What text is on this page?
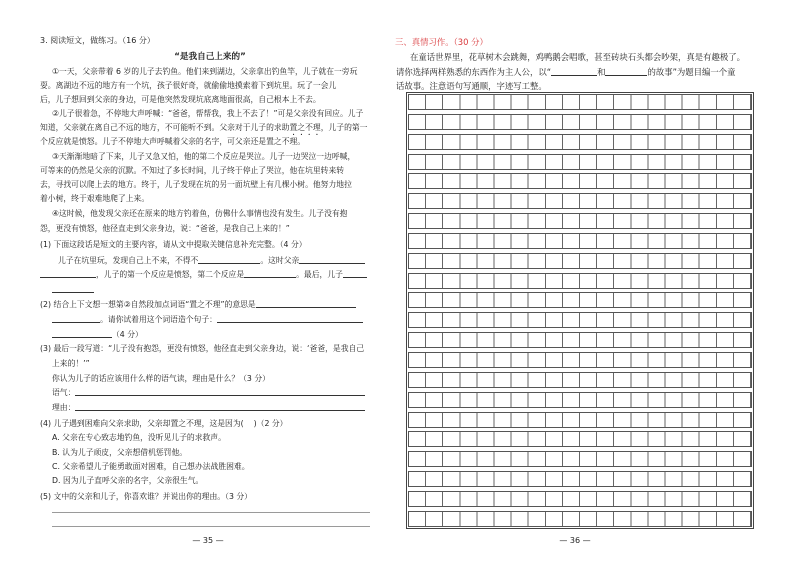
3. 阅读短文，做练习。（16 分）
“是我自己上来的”
①一天，父亲带着 6 岁的儿子去钓鱼。他们来到湖边，父亲拿出钓鱼竿，儿子就在一旁玩
耍。离湖边不远的地方有一个坑，孩子很好奇，就偷偷地摸索着下到坑里。玩了一会儿
后，儿子想回到父亲的身边，可是他突然发现坑底离地面很高，自己根本上不去。
②儿子很着急，不停地大声呼喊：“爸爸，帮帮我，我上不去了！”可是父亲没有回应。儿子
知道，父亲就在离自己不远的地方，不可能听不到。父亲对于儿子的求助置之不理，儿子的第一
个反应就是愤怒。儿子不停地大声呼喊着父亲的名字，可父亲还是置之不理。
③天渐渐地暗了下来，儿子又急又怕，他的第二个反应是哭泣。儿子一边哭泣一边呼喊，
可等来的仍然是父亲的沉默。不知过了多长时间，儿子终于停止了哭泣，他在坑里转来转
去，寻找可以爬上去的地方。终于，儿子发现在坑的另一面坑壁上有几棵小树。他努力地拉
着小树，终于艰难地爬了上来。
④这时候，他发现父亲还在原来的地方钓着鱼，仿佛什么事情也没有发生。儿子没有抱
怨，更没有愤怒，他径直走到父亲身边，说：“爸爸，是我自己上来的！”
(1) 下面这段话是短文的主要内容，请从文中提取关键信息补充完整。（4 分）
儿子在坑里玩，发现自己上不来，不得不	。这时父亲
，儿子的第一个反应是愤怒，第二个反应是	。最后，儿子
(2) 结合上下文想一想第②自然段加点词语“置之不理”的意思是
。请你试着用这个词语造个句子：
（4 分）
(3) 最后一段写道：“儿子没有抱怨，更没有愤怒，他径直走到父亲身边，说：‘爸爸，是我自己
上来的！’”
你认为儿子的话应该用什么样的语气读，理由是什么？（3 分）
语气：
理由：
(4) 儿子遇到困难向父亲求助，父亲却置之不理，这是因为(    )（2 分）
A. 父亲在专心致志地钓鱼，没听见儿子的求救声。
B. 认为儿子顽皮，父亲想借机惩罚他。
C. 父亲希望儿子能勇敢面对困难，自己想办法战胜困难。
D. 因为儿子直呼父亲的名字，父亲很生气。
(5) 文中的父亲和儿子，你喜欢谁？并说出你的理由。（3 分）
— 35 —
三、真情习作。（30 分）
在童话世界里，花草树木会跳舞，鸡鸭鹅会唱歌，甚至砖块石头都会吵架，真是有趣极了。
请你选择两样熟悉的东西作为主人公，以“	和	的故事”为题目编一个童
话故事。注意语句写通顺，字迹写工整。
— 36 —
